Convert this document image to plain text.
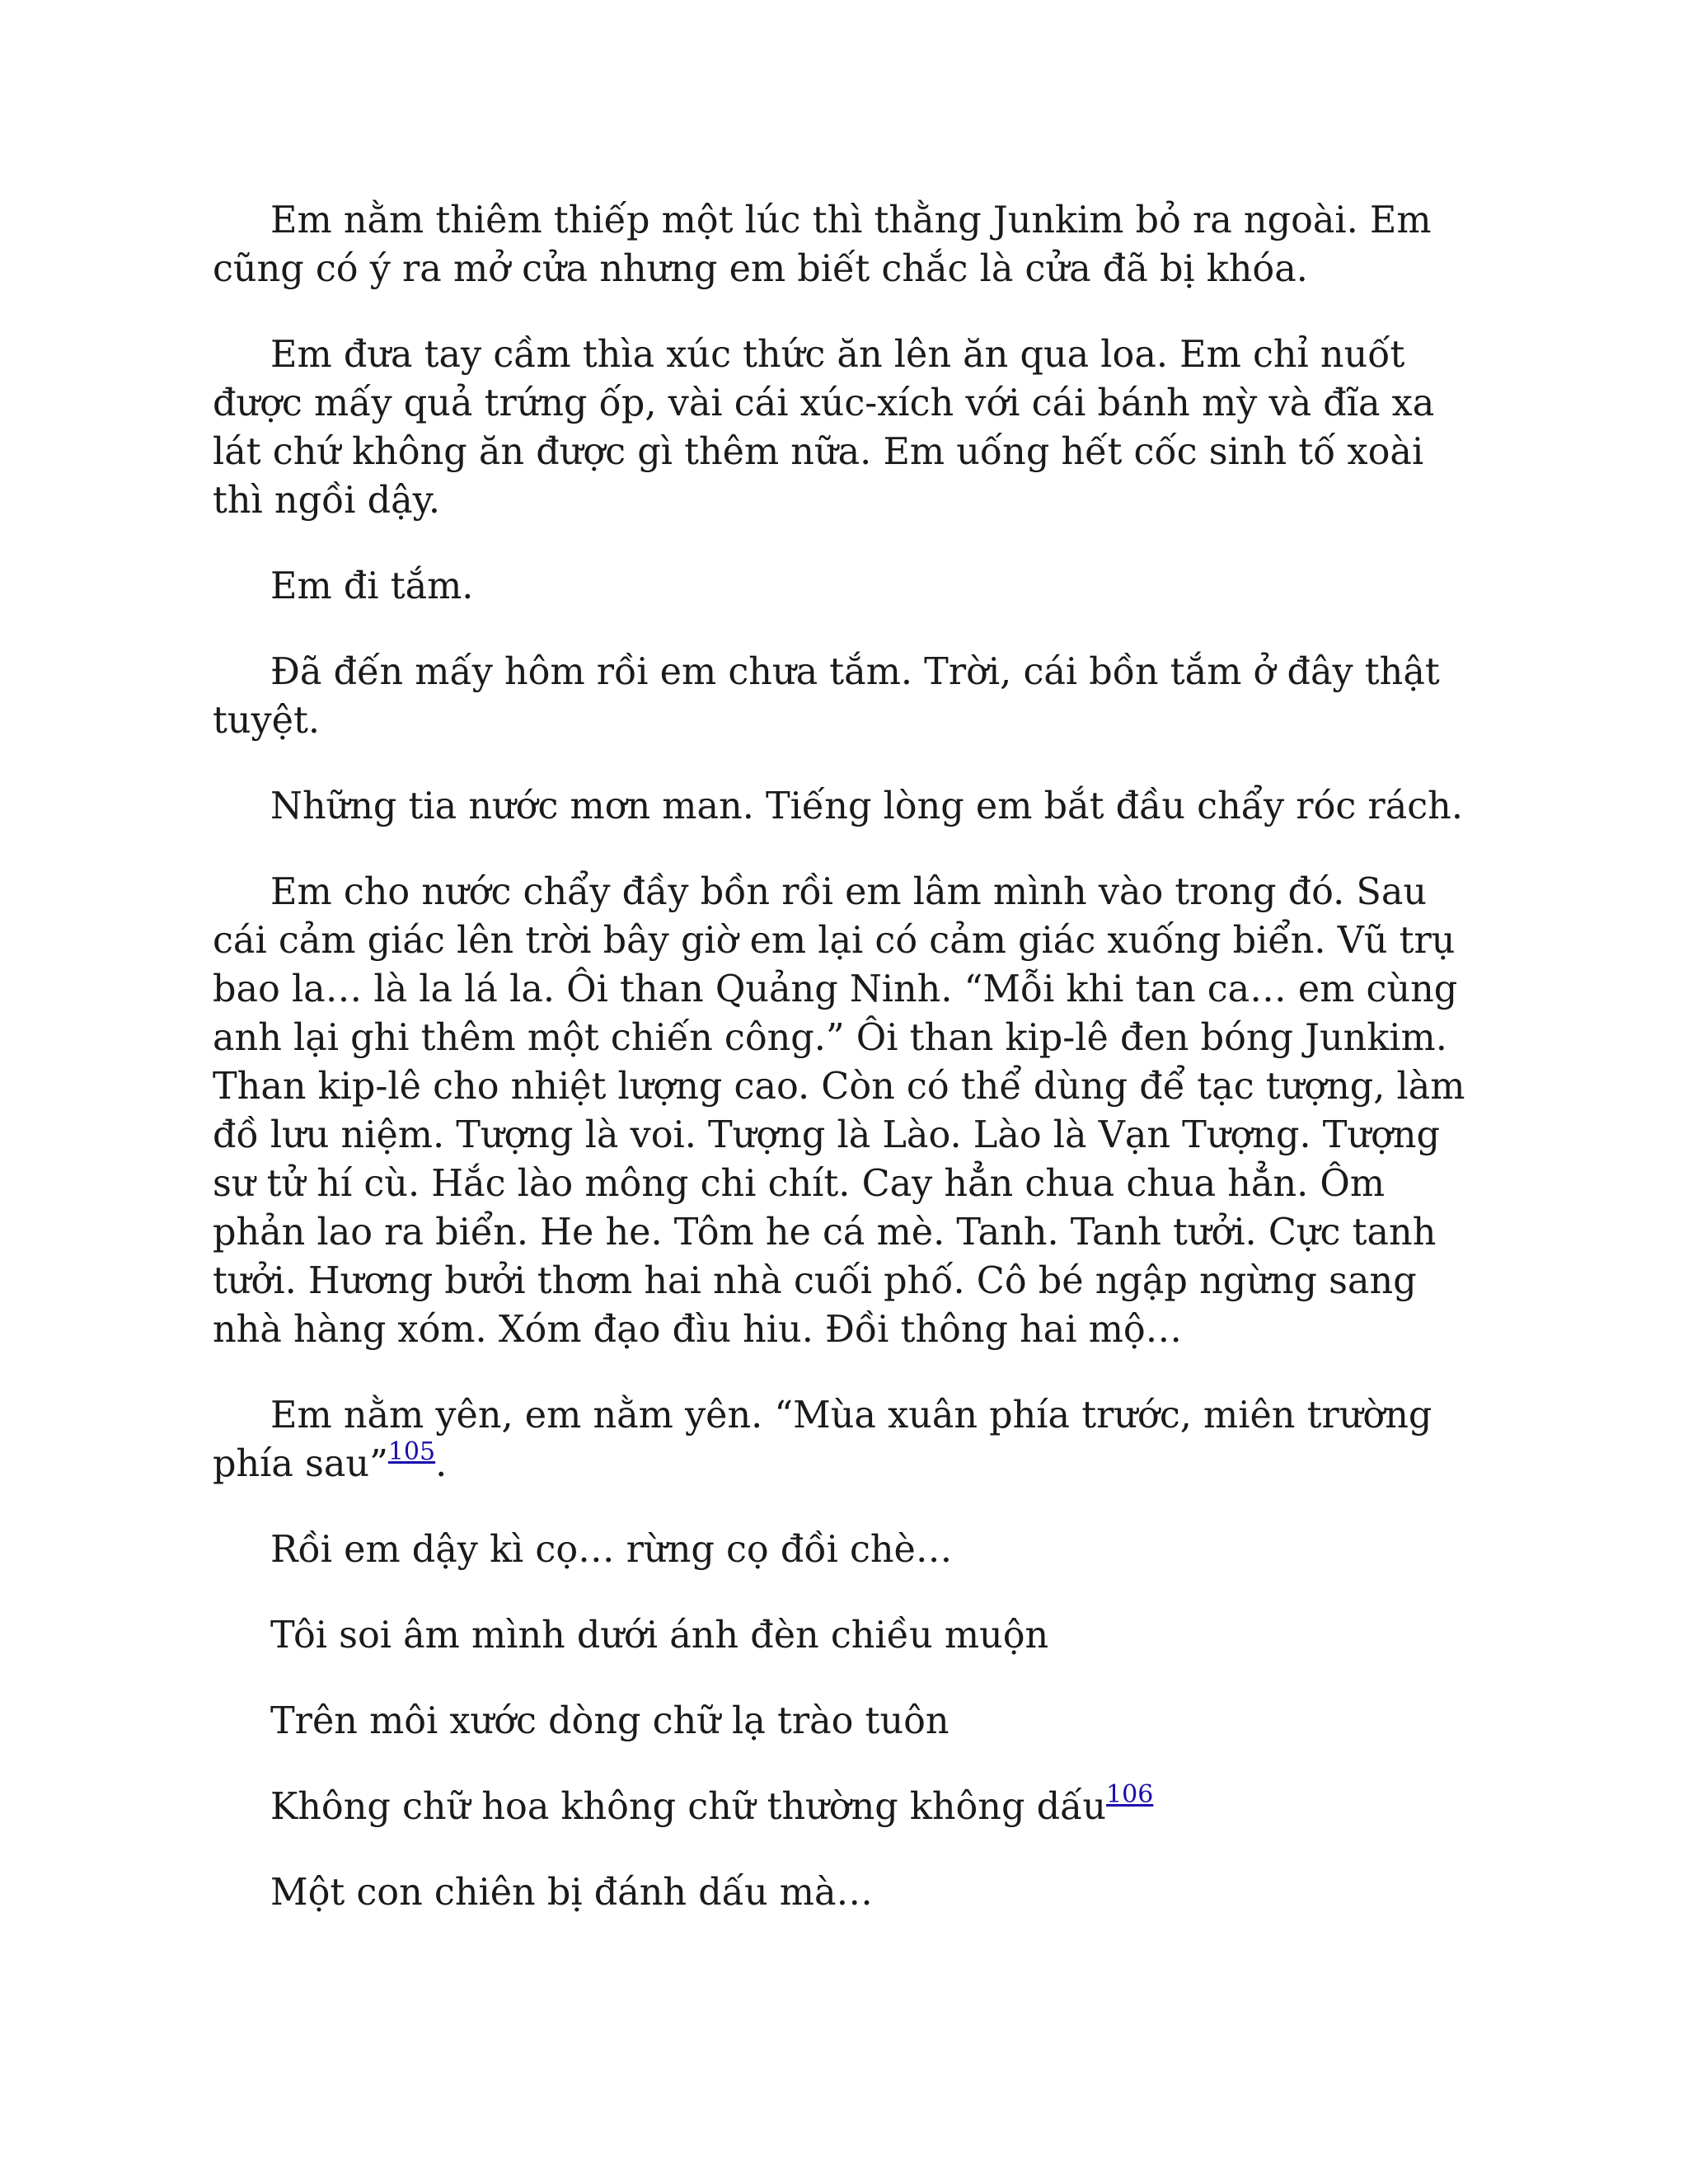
Em nằm thiêm thiếp một lúc thì thằng Junkim bỏ ra ngoài. Em cũng có ý ra mở cửa nhưng em biết chắc là cửa đã bị khóa.

Em đưa tay cầm thìa xúc thức ăn lên ăn qua loa. Em chỉ nuốt được mấy quả trứng ốp, vài cái xúc-xích với cái bánh mỳ và đĩa xa lát chứ không ăn được gì thêm nữa. Em uống hết cốc sinh tố xoài thì ngồi dậy.

Em đi tắm.

Đã đến mấy hôm rồi em chưa tắm. Trời, cái bồn tắm ở đây thật tuyệt.

Những tia nước mơn man. Tiếng lòng em bắt đầu chẩy róc rách.

Em cho nước chẩy đầy bồn rồi em lâm mình vào trong đó. Sau cái cảm giác lên trời bây giờ em lại có cảm giác xuống biển. Vũ trụ bao la… là la lá la. Ôi than Quảng Ninh. “Mỗi khi tan ca… em cùng anh lại ghi thêm một chiến công.” Ôi than kip-lê đen bóng Junkim. Than kip-lê cho nhiệt lượng cao. Còn có thể dùng để tạc tượng, làm đồ lưu niệm. Tượng là voi. Tượng là Lào. Lào là Vạn Tượng. Tượng sư tử hí cù. Hắc lào mông chi chít. Cay hẳn chua chua hẳn. Ôm phản lao ra biển. He he. Tôm he cá mè. Tanh. Tanh tưởi. Cực tanh tưởi. Hương bưởi thơm hai nhà cuối phố. Cô bé ngập ngừng sang nhà hàng xóm. Xóm đạo đìu hiu. Đồi thông hai mộ…

Em nằm yên, em nằm yên. “Mùa xuân phía trước, miên trường phía sau”$^{105}$.

Rồi em dậy kì cọ… rừng cọ đồi chè…

Tôi soi âm mình dưới ánh đèn chiều muộn

Trên môi xước dòng chữ lạ trào tuôn

Không chữ hoa không chữ thường không dấu$^{106}$

Một con chiên bị đánh dấu mà…
